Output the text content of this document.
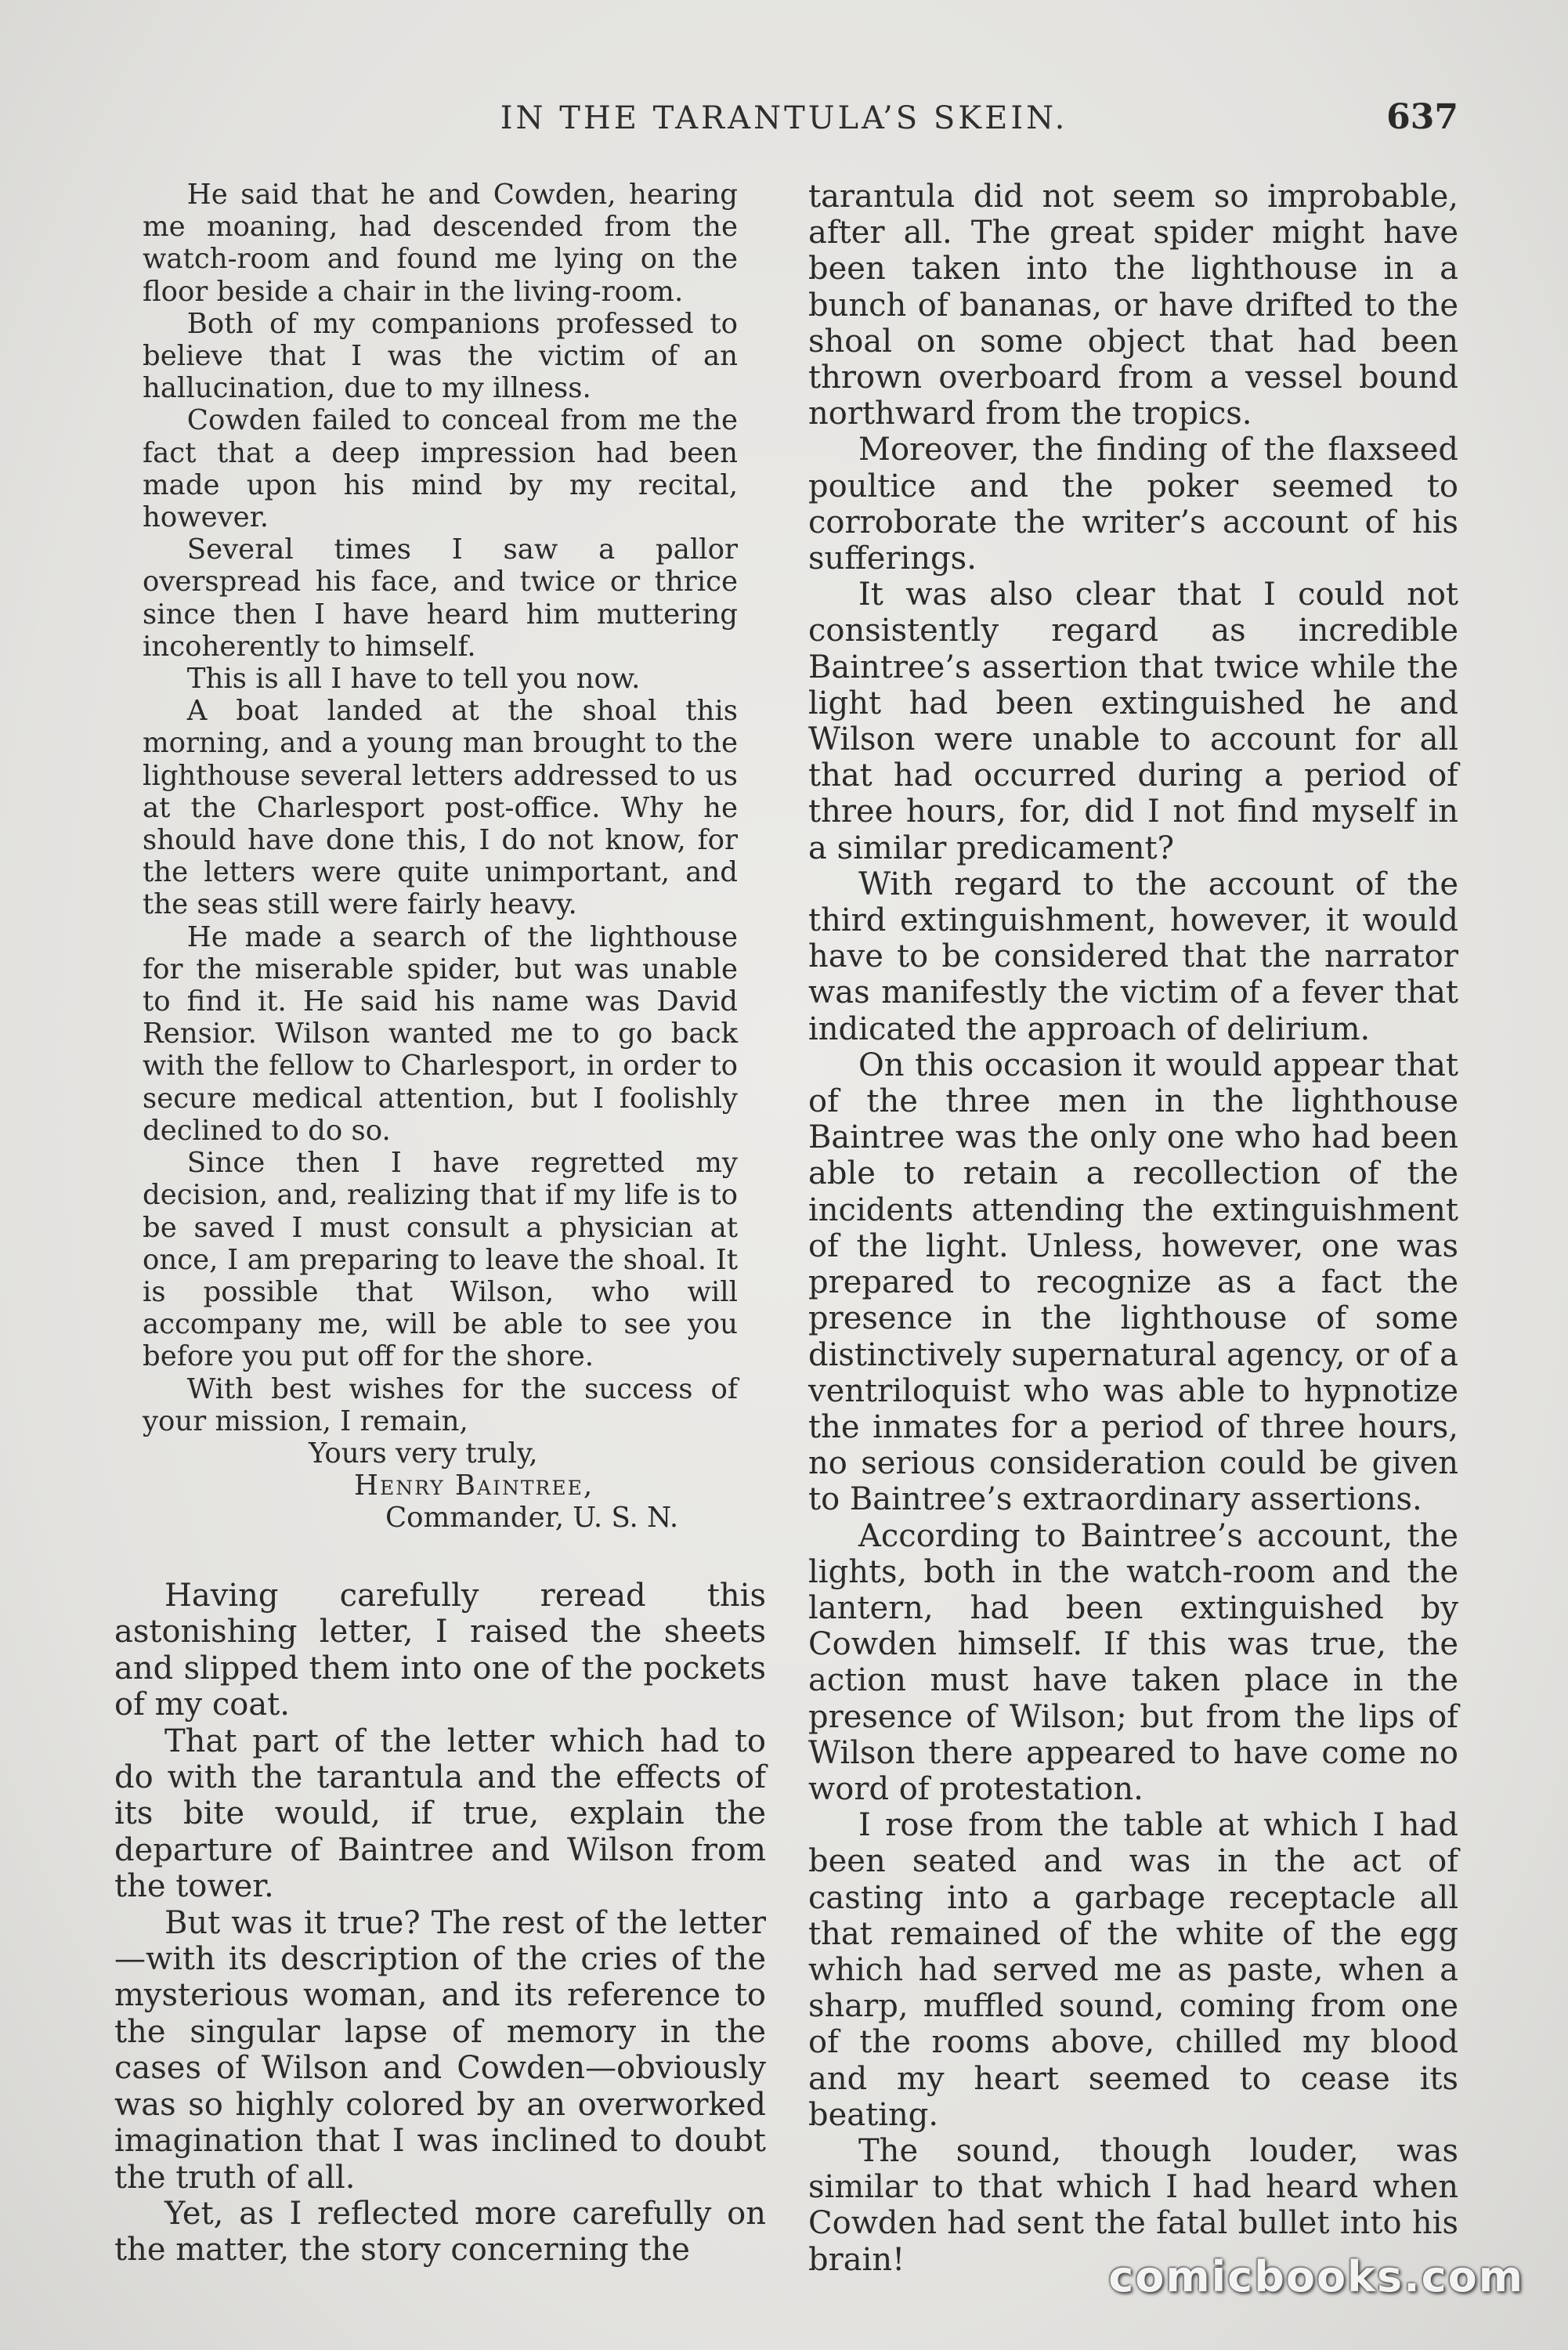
IN THE TARANTULA’S SKEIN.	637

He said that he and Cowden, hearing me moaning, had descended from the watch-room and found me lying on the floor beside a chair in the living-room.

Both of my companions professed to believe that I was the victim of an hallucination, due to my illness.

Cowden failed to conceal from me the fact that a deep impression had been made upon his mind by my recital, however.

Several times I saw a pallor overspread his face, and twice or thrice since then I have heard him muttering incoherently to himself.

This is all I have to tell you now.

A boat landed at the shoal this morning, and a young man brought to the lighthouse several letters addressed to us at the Charlesport post-office. Why he should have done this, I do not know, for the letters were quite unimportant, and the seas still were fairly heavy.

He made a search of the lighthouse for the miserable spider, but was unable to find it. He said his name was David Rensior. Wilson wanted me to go back with the fellow to Charlesport, in order to secure medical attention, but I foolishly declined to do so.

Since then I have regretted my decision, and, realizing that if my life is to be saved I must consult a physician at once, I am preparing to leave the shoal. It is possible that Wilson, who will accompany me, will be able to see you before you put off for the shore.

With best wishes for the success of your mission, I remain,

Yours very truly,
Henry Baintree,
Commander, U. S. N.

Having carefully reread this astonishing letter, I raised the sheets and slipped them into one of the pockets of my coat.

That part of the letter which had to do with the tarantula and the effects of its bite would, if true, explain the departure of Baintree and Wilson from the tower.

But was it true? The rest of the letter—with its description of the cries of the mysterious woman, and its reference to the singular lapse of memory in the cases of Wilson and Cowden—obviously was so highly colored by an overworked imagination that I was inclined to doubt the truth of all.

Yet, as I reflected more carefully on the matter, the story concerning the

tarantula did not seem so improbable, after all. The great spider might have been taken into the lighthouse in a bunch of bananas, or have drifted to the shoal on some object that had been thrown overboard from a vessel bound northward from the tropics.

Moreover, the finding of the flaxseed poultice and the poker seemed to corroborate the writer’s account of his sufferings.

It was also clear that I could not consistently regard as incredible Baintree’s assertion that twice while the light had been extinguished he and Wilson were unable to account for all that had occurred during a period of three hours, for, did I not find myself in a similar predicament?

With regard to the account of the third extinguishment, however, it would have to be considered that the narrator was manifestly the victim of a fever that indicated the approach of delirium.

On this occasion it would appear that of the three men in the lighthouse Baintree was the only one who had been able to retain a recollection of the incidents attending the extinguishment of the light. Unless, however, one was prepared to recognize as a fact the presence in the lighthouse of some distinctively supernatural agency, or of a ventriloquist who was able to hypnotize the inmates for a period of three hours, no serious consideration could be given to Baintree’s extraordinary assertions.

According to Baintree’s account, the lights, both in the watch-room and the lantern, had been extinguished by Cowden himself. If this was true, the action must have taken place in the presence of Wilson; but from the lips of Wilson there appeared to have come no word of protestation.

I rose from the table at which I had been seated and was in the act of casting into a garbage receptacle all that remained of the white of the egg which had served me as paste, when a sharp, muffled sound, coming from one of the rooms above, chilled my blood and my heart seemed to cease its beating.

The sound, though louder, was similar to that which I had heard when Cowden had sent the fatal bullet into his brain!	comicbooks.com
